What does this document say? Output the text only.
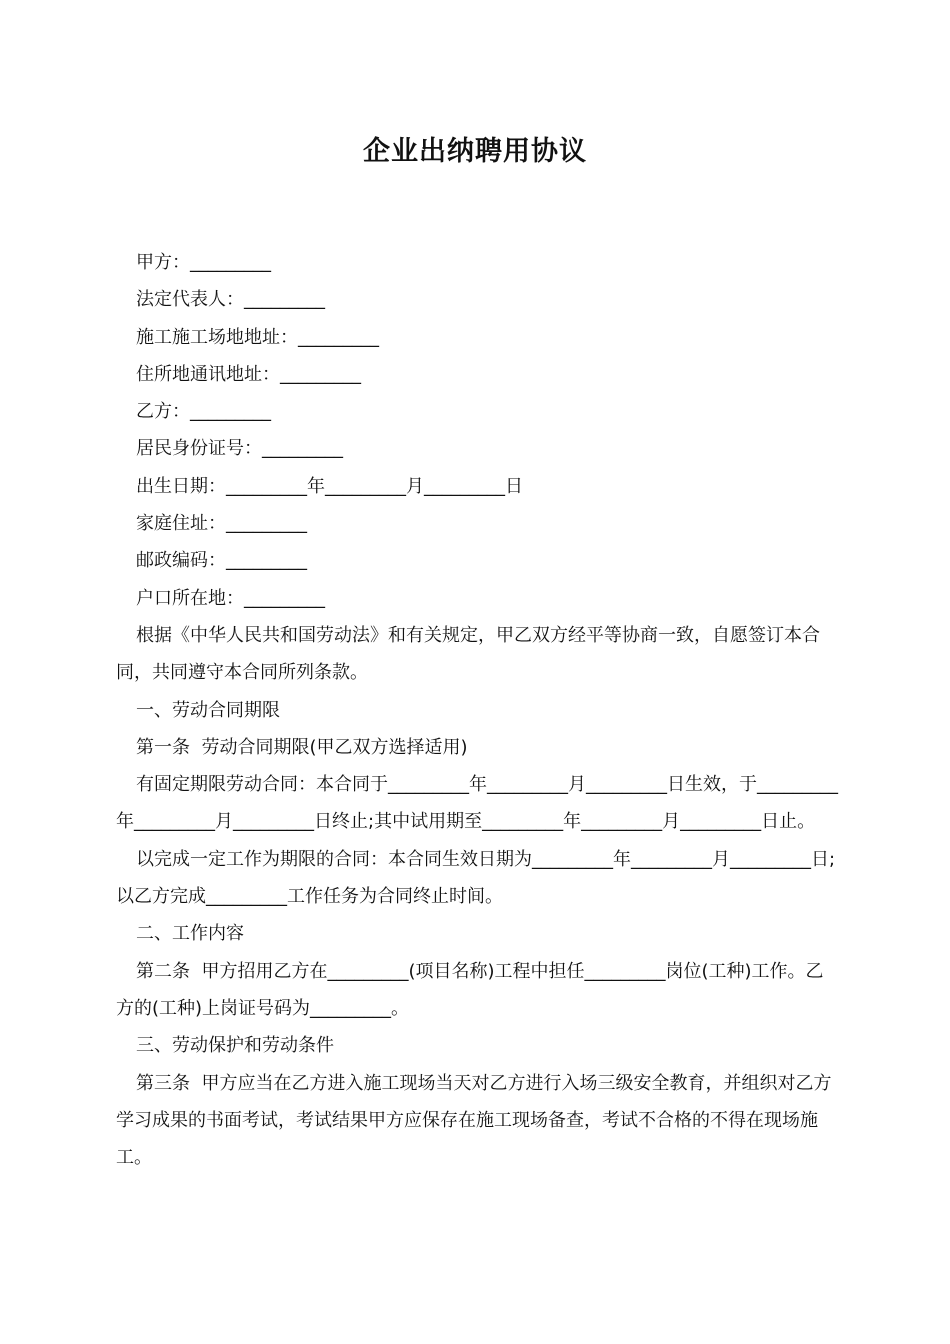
企业出纳聘用协议

甲方：_________

法定代表人：_________

施工施工场地地址：_________

住所地通讯地址：_________

乙方：_________

居民身份证号：_________

出生日期：_________年_________月_________日

家庭住址：_________

邮政编码：_________

户口所在地：_________

根据《中华人民共和国劳动法》和有关规定，甲乙双方经平等协商一致，自愿签订本合同，共同遵守本合同所列条款。

一、劳动合同期限

第一条  劳动合同期限(甲乙双方选择适用)

有固定期限劳动合同：本合同于_________年_________月_________日生效，于_________年_________月_________日终止;其中试用期至_________年_________月_________日止。

以完成一定工作为期限的合同：本合同生效日期为_________年_________月_________日;以乙方完成_________工作任务为合同终止时间。

二、工作内容

第二条  甲方招用乙方在_________(项目名称)工程中担任_________岗位(工种)工作。乙方的(工种)上岗证号码为_________。

三、劳动保护和劳动条件

第三条  甲方应当在乙方进入施工现场当天对乙方进行入场三级安全教育，并组织对乙方学习成果的书面考试，考试结果甲方应保存在施工现场备查，考试不合格的不得在现场施工。
